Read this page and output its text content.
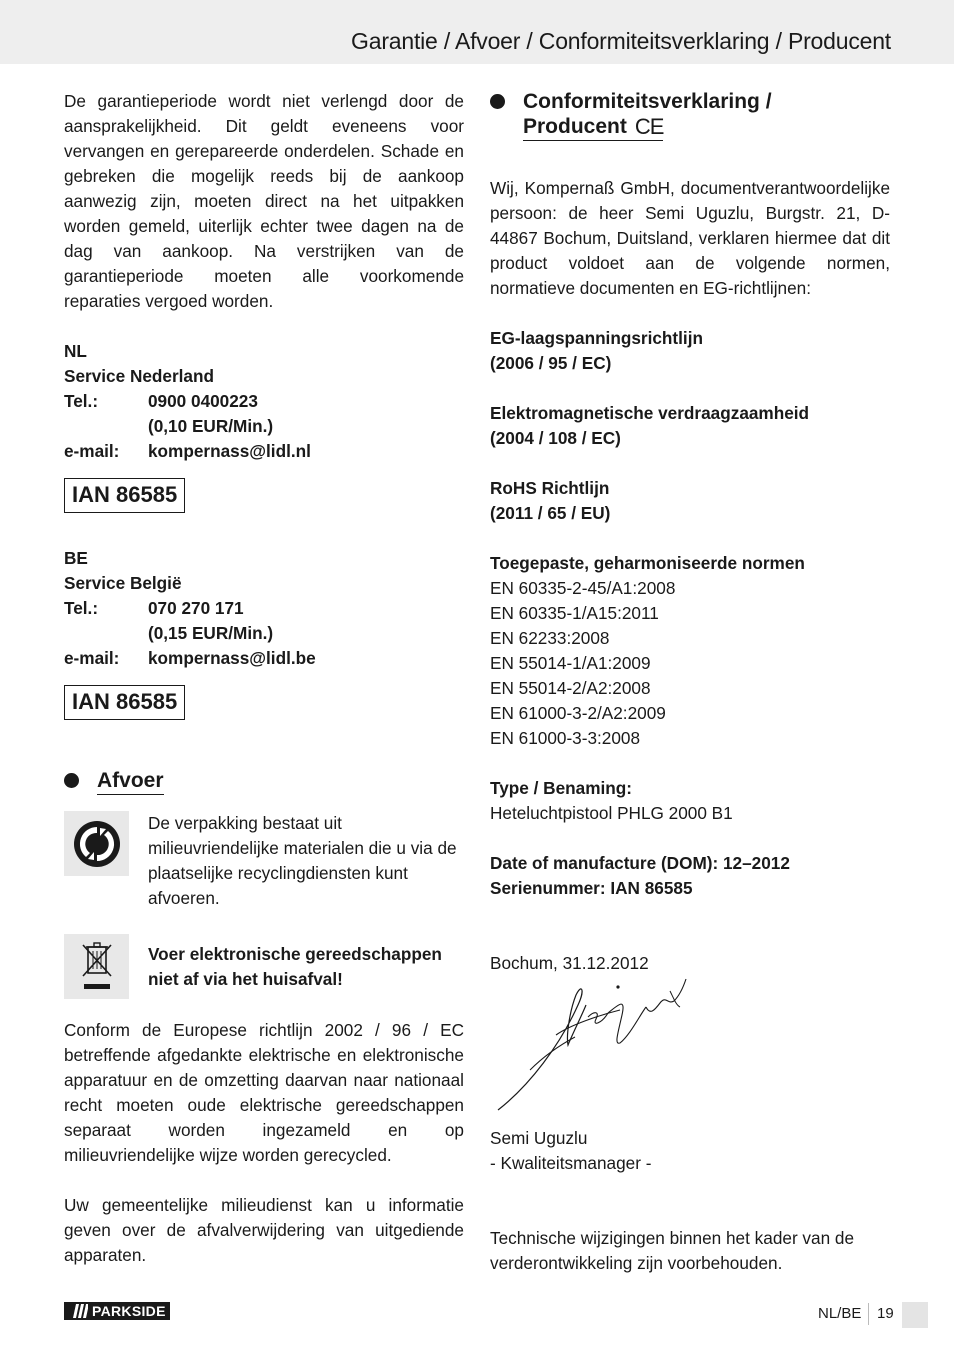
Garantie / Afvoer / Conformiteitsverklaring / Producent

De garantieperiode wordt niet verlengd door de aansprakelijkheid. Dit geldt eveneens voor vervangen en gerepareerde onderdelen. Schade en gebreken die mogelijk reeds bij de aankoop aanwezig zijn, moeten direct na het uitpakken worden gemeld, uiterlijk echter twee dagen na de dag van aankoop. Na verstrijken van de garantieperiode moeten alle voorkomende reparaties vergoed worden.

NL
Service Nederland
Tel.:	0900 0400223
(0,10 EUR/Min.)
e-mail:	kompernass@lidl.nl
IAN 86585
BE
Service België
Tel.:	070 270 171
(0,15 EUR/Min.)
e-mail:	kompernass@lidl.be
IAN 86585
Afvoer

De verpakking bestaat uit milieuvriendelijke materialen die u via de plaatselijke recyclingdiensten kunt afvoeren.

Voer elektronische gereedschappen niet af via het huisafval!

Conform de Europese richtlijn 2002 / 96 / EC betreffende afgedankte elektrische en elektronische apparatuur en de omzetting daarvan naar nationaal recht moeten oude elektrische gereedschappen separaat worden ingezameld en op milieuvriendelijke wijze worden gerecycled.

Uw gemeentelijke milieudienst kan u informatie geven over de afvalverwijdering van uitgediende apparaten.

Conformiteitsverklaring /
Producent CE

Wij, Kompernaß GmbH, documentverantwoordelijke persoon: de heer Semi Uguzlu, Burgstr. 21, D-44867 Bochum, Duitsland, verklaren hiermee dat dit product voldoet aan de volgende normen, normatieve documenten en EG-richtlijnen:

EG-laagspanningsrichtlijn
(2006 / 95 / EC)
Elektromagnetische verdraagzaamheid
(2004 / 108 / EC)
RoHS Richtlijn
(2011 / 65 / EU)
Toegepaste, geharmoniseerde normen
EN 60335-2-45/A1:2008
EN 60335-1/A15:2011
EN 62233:2008
EN 55014-1/A1:2009
EN 55014-2/A2:2008
EN 61000-3-2/A2:2009
EN 61000-3-3:2008
Type / Benaming:
Heteluchtpistool PHLG 2000 B1
Date of manufacture (DOM): 12–2012
Serienummer: IAN 86585
Bochum, 31.12.2012
Semi Uguzlu
- Kwaliteitsmanager -

Technische wijzigingen binnen het kader van de verderontwikkeling zijn voorbehouden.

PARKSIDE	NL/BE 19
